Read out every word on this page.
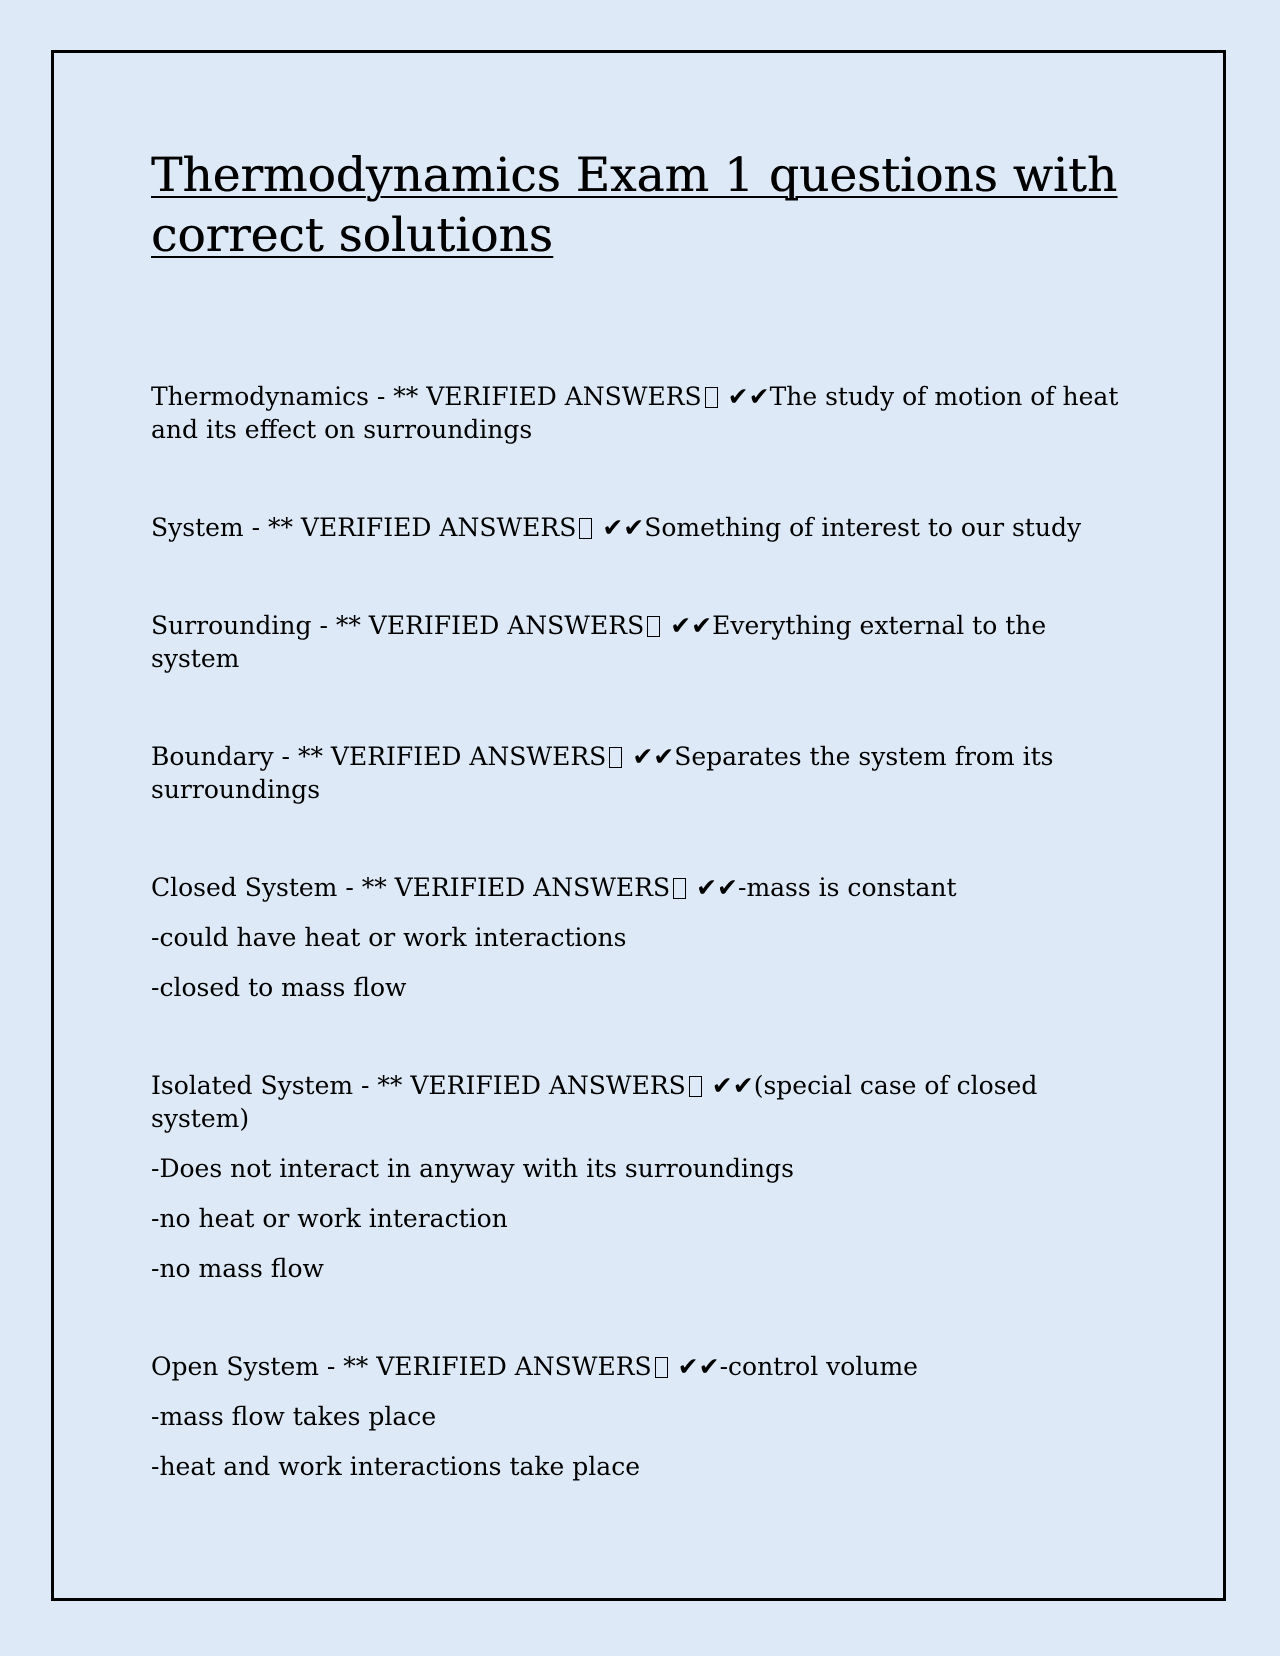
Thermodynamics Exam 1 questions with correct solutions

Thermodynamics - ** VERIFIED ANSWERS ✔✔The study of motion of heat and its effect on surroundings

System - ** VERIFIED ANSWERS ✔✔Something of interest to our study

Surrounding - ** VERIFIED ANSWERS ✔✔Everything external to the system

Boundary - ** VERIFIED ANSWERS ✔✔Separates the system from its surroundings

Closed System - ** VERIFIED ANSWERS ✔✔-mass is constant

-could have heat or work interactions

-closed to mass flow

Isolated System - ** VERIFIED ANSWERS ✔✔(special case of closed system)

-Does not interact in anyway with its surroundings

-no heat or work interaction

-no mass flow

Open System - ** VERIFIED ANSWERS ✔✔-control volume

-mass flow takes place

-heat and work interactions take place
